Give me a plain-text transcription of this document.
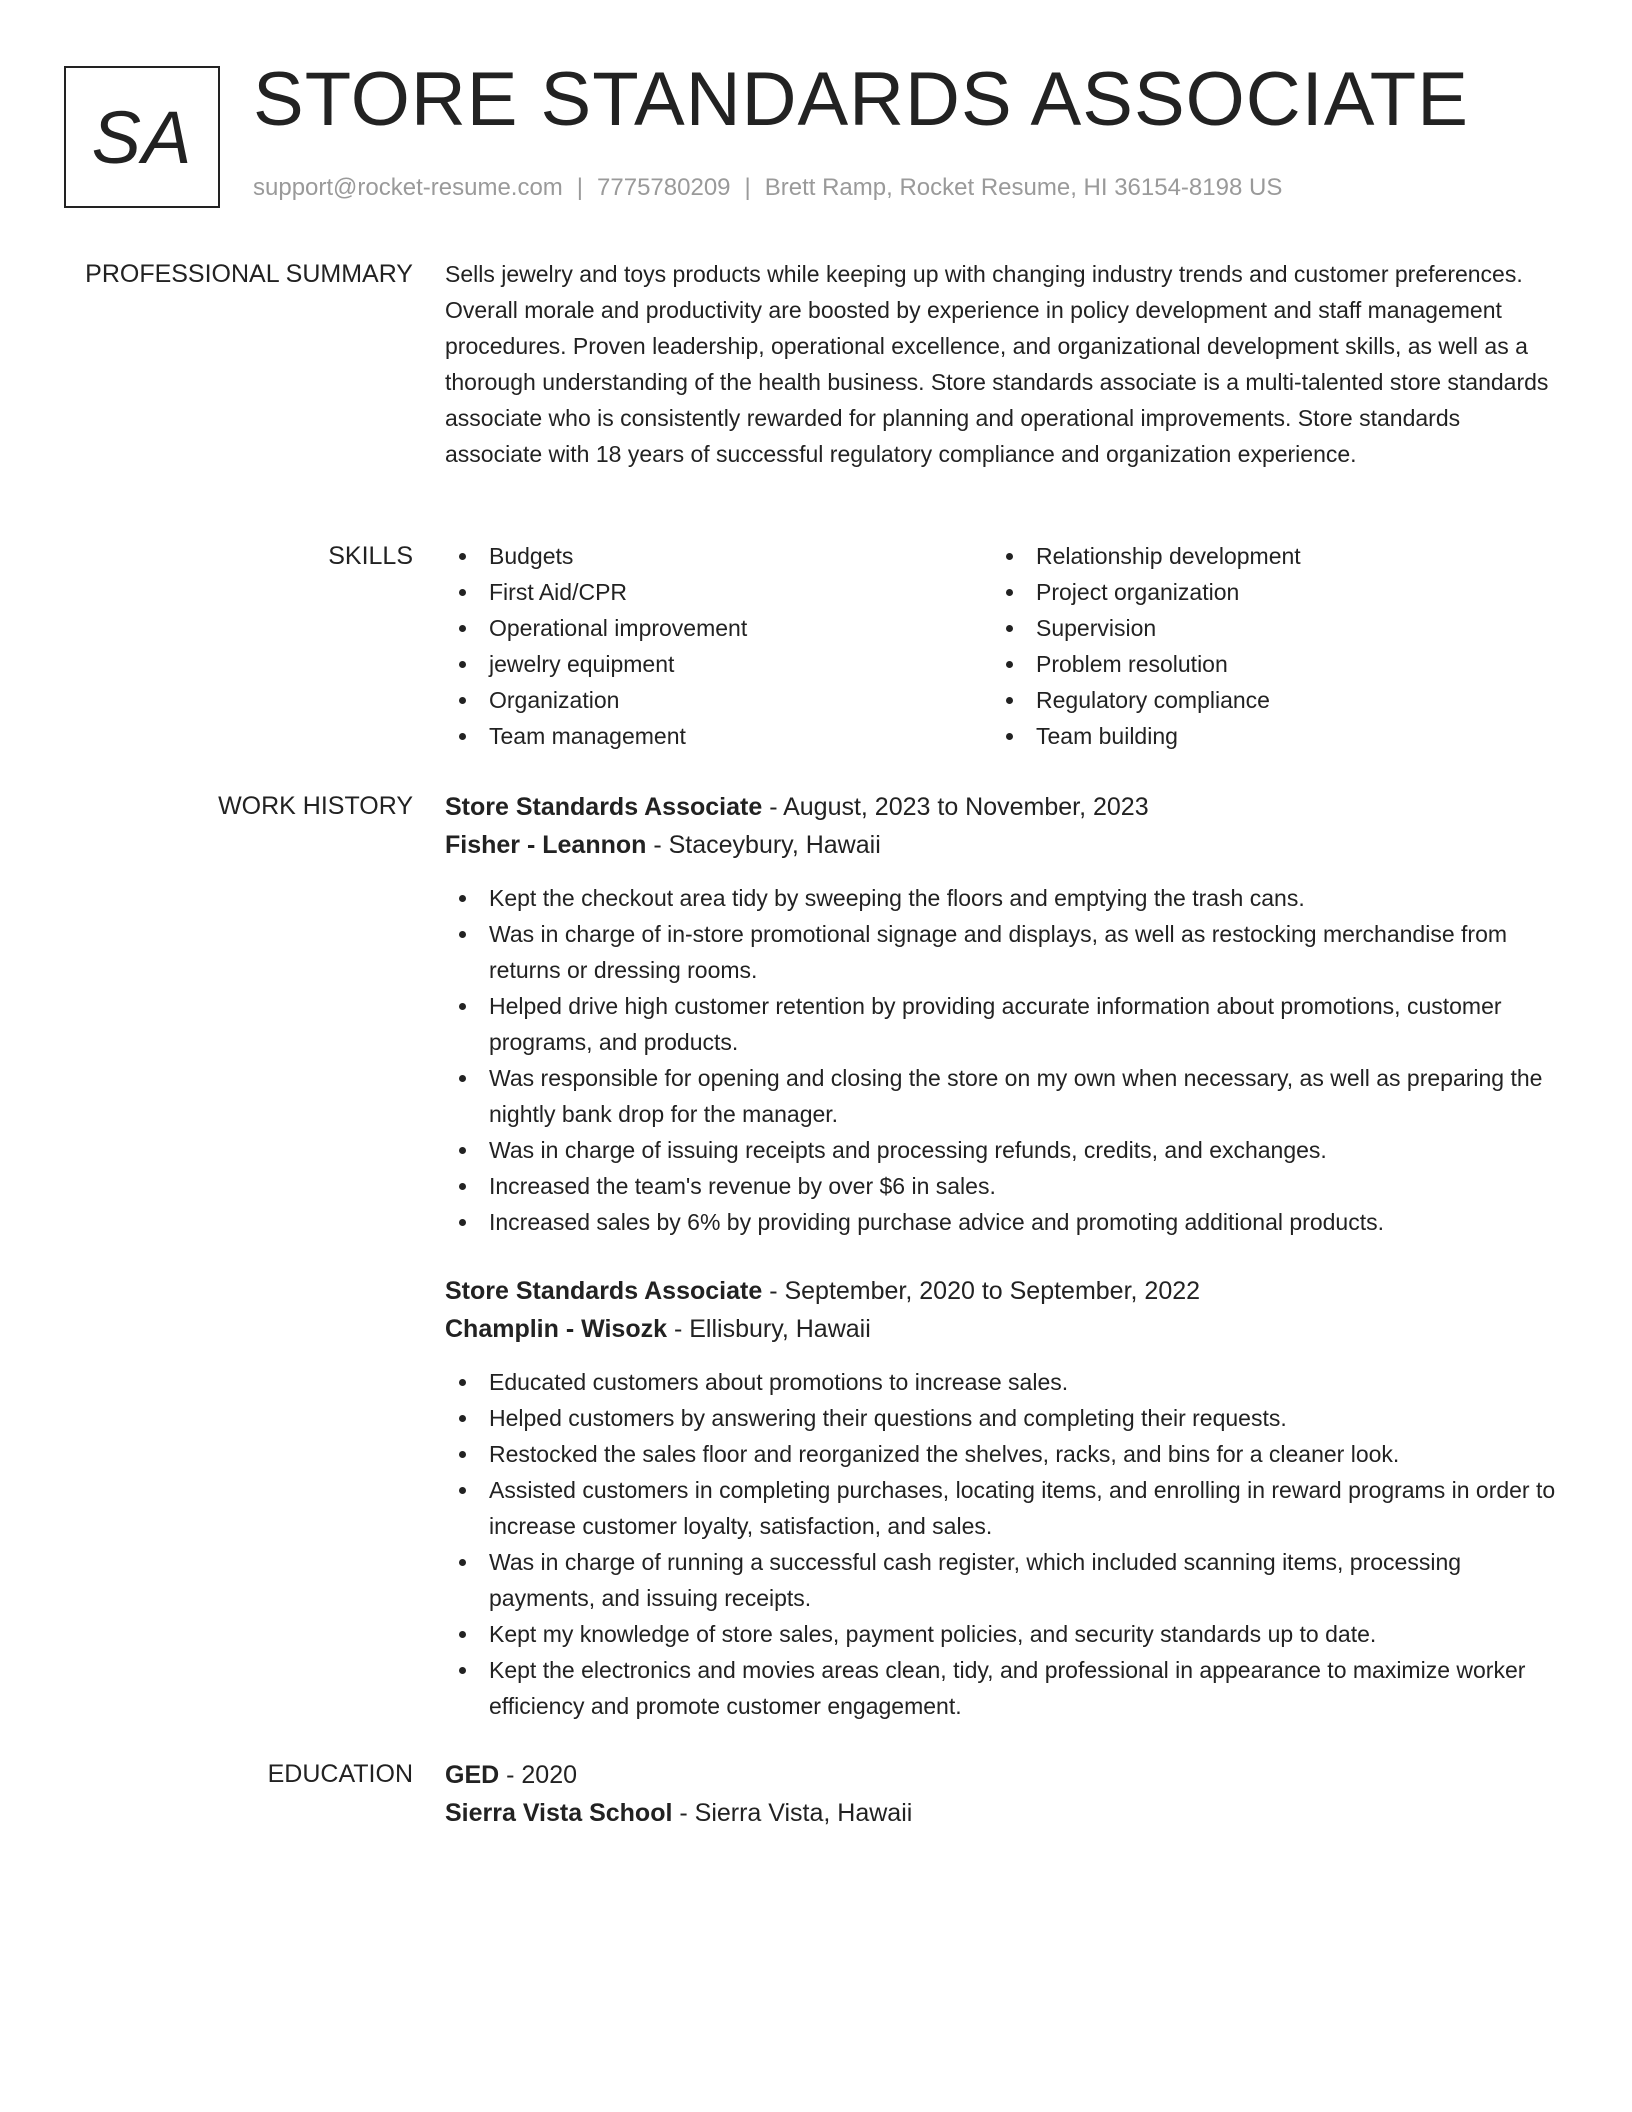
SA STORE STANDARDS ASSOCIATE
support@rocket-resume.com | 7775780209 | Brett Ramp, Rocket Resume, HI 36154-8198 US
PROFESSIONAL SUMMARY Sells jewelry and toys products while keeping up with changing industry trends and customer preferences. Overall morale and productivity are boosted by experience in policy development and staff management procedures. Proven leadership, operational excellence, and organizational development skills, as well as a thorough understanding of the health business. Store standards associate is a multi-talented store standards associate who is consistently rewarded for planning and operational improvements. Store standards associate with 18 years of successful regulatory compliance and organization experience.
SKILLS	Budgets
First Aid/CPR
Operational improvement
jewelry equipment
Organization
Team management
Relationship development
Project organization
Supervision
Problem resolution
Regulatory compliance
Team building
WORK HISTORY Store Standards Associate - August, 2023 to November, 2023
Fisher - Leannon - Staceybury, Hawaii
Kept the checkout area tidy by sweeping the floors and emptying the trash cans.
Was in charge of in-store promotional signage and displays, as well as restocking merchandise from returns or dressing rooms.
Helped drive high customer retention by providing accurate information about promotions, customer programs, and products.
Was responsible for opening and closing the store on my own when necessary, as well as preparing the nightly bank drop for the manager.
Was in charge of issuing receipts and processing refunds, credits, and exchanges.
Increased the team's revenue by over $6 in sales.
Increased sales by 6% by providing purchase advice and promoting additional products.
Store Standards Associate - September, 2020 to September, 2022
Champlin - Wisozk - Ellisbury, Hawaii
Educated customers about promotions to increase sales.
Helped customers by answering their questions and completing their requests.
Restocked the sales floor and reorganized the shelves, racks, and bins for a cleaner look.
Assisted customers in completing purchases, locating items, and enrolling in reward programs in order to increase customer loyalty, satisfaction, and sales.
Was in charge of running a successful cash register, which included scanning items, processing payments, and issuing receipts.
Kept my knowledge of store sales, payment policies, and security standards up to date.
Kept the electronics and movies areas clean, tidy, and professional in appearance to maximize worker efficiency and promote customer engagement.
EDUCATION GED - 2020
Sierra Vista School - Sierra Vista, Hawaii
